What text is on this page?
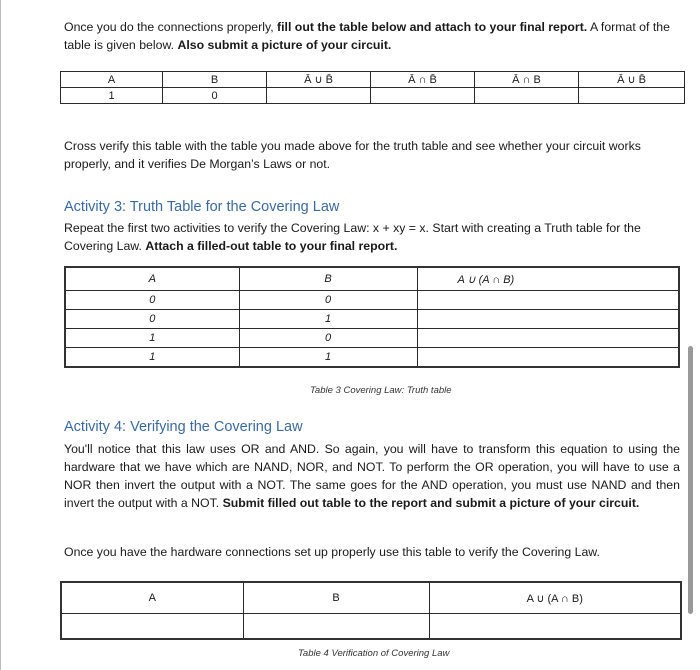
Once you do the connections properly, fill out the table below and attach to your final report. A format of the table is given below. Also submit a picture of your circuit.

A	B	Ā ∪ B̄	Ā ∩ B̄	Ā ∩ B	Ā ∪ B̄
1	0				

Cross verify this table with the table you made above for the truth table and see whether your circuit works properly, and it verifies De Morgan’s Laws or not.

Activity 3: Truth Table for the Covering Law

Repeat the first two activities to verify the Covering Law: x + xy = x. Start with creating a Truth table for the Covering Law. Attach a filled-out table to your final report.

A	B	A ∪ (A ∩ B)
0	0	
0	1	
1	0	
1	1	
Table 3 Covering Law: Truth table
Activity 4: Verifying the Covering Law

You'll notice that this law uses OR and AND. So again, you will have to transform this equation to using the hardware that we have which are NAND, NOR, and NOT. To perform the OR operation, you will have to use a NOR then invert the output with a NOT. The same goes for the AND operation, you must use NAND and then invert the output with a NOT. Submit filled out table to the report and submit a picture of your circuit.

Once you have the hardware connections set up properly use this table to verify the Covering Law.

A	B	A ∪ (A ∩ B)

Table 4 Verification of Covering Law
